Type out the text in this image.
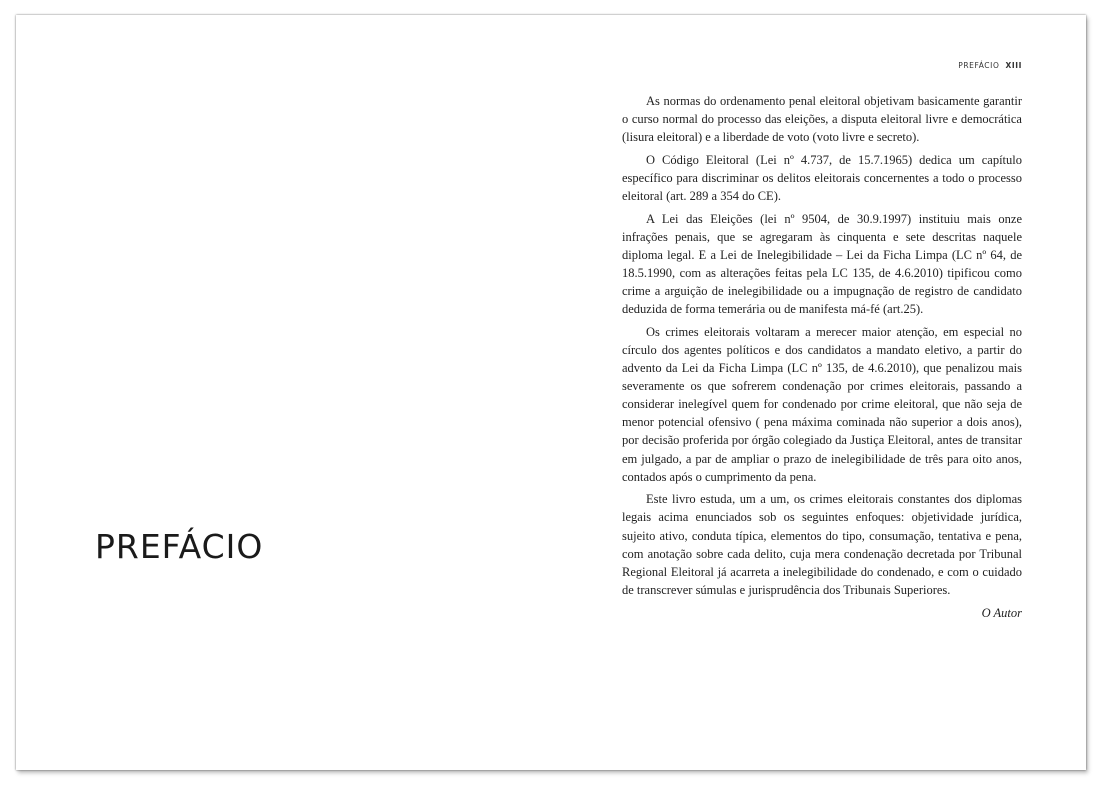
PREFÁCIO
PREFÁCIO XIII

As normas do ordenamento penal eleitoral objetivam basicamente garantir o curso normal do processo das eleições, a disputa eleitoral livre e democrática (lisura eleitoral) e a liberdade de voto (voto livre e secreto).

O Código Eleitoral (Lei nº 4.737, de 15.7.1965) dedica um capítulo específico para discriminar os delitos eleitorais concernentes a todo o processo eleitoral (art. 289 a 354 do CE).

A Lei das Eleições (lei nº 9504, de 30.9.1997) instituiu mais onze infrações penais, que se agregaram às cinquenta e sete descritas naquele diploma legal. E a Lei de Inelegibilidade – Lei da Ficha Limpa (LC nº 64, de 18.5.1990, com as alterações feitas pela LC 135, de 4.6.2010) tipificou como crime a arguição de inelegibilidade ou a impugnação de registro de candidato deduzida de forma temerária ou de manifesta má-fé (art.25).

Os crimes eleitorais voltaram a merecer maior atenção, em especial no círculo dos agentes políticos e dos candidatos a mandato eletivo, a partir do advento da Lei da Ficha Limpa (LC nº 135, de 4.6.2010), que penalizou mais severamente os que sofrerem condenação por crimes eleitorais, passando a considerar inelegível quem for condenado por crime eleitoral, que não seja de menor potencial ofensivo ( pena máxima cominada não superior a dois anos), por decisão proferida por órgão colegiado da Justiça Eleitoral, antes de transitar em julgado, a par de ampliar o prazo de inelegibilidade de três para oito anos, contados após o cumprimento da pena.

Este livro estuda, um a um, os crimes eleitorais constantes dos diplomas legais acima enunciados sob os seguintes enfoques: objetividade jurídica, sujeito ativo, conduta típica, elementos do tipo, consumação, tentativa e pena, com anotação sobre cada delito, cuja mera condenação decretada por Tribunal Regional Eleitoral já acarreta a inelegibilidade do condenado, e com o cuidado de transcrever súmulas e jurisprudência dos Tribunais Superiores.

O Autor
